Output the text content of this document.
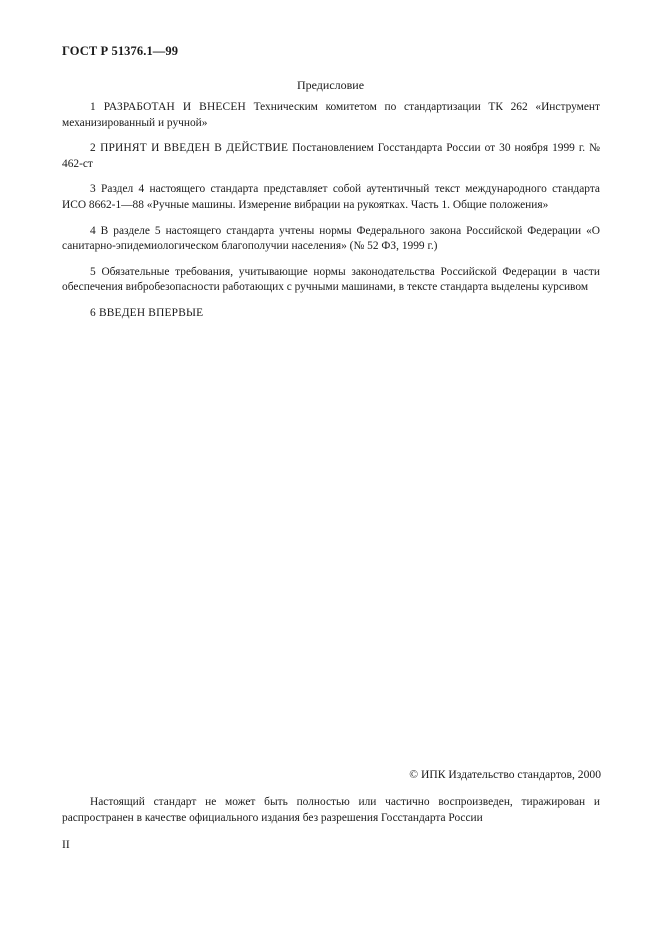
ГОСТ Р 51376.1—99
Предисловие

1 РАЗРАБОТАН И ВНЕСЕН Техническим комитетом по стандартизации ТК 262 «Инструмент механизированный и ручной»

2 ПРИНЯТ И ВВЕДЕН В ДЕЙСТВИЕ Постановлением Госстандарта России от 30 ноября 1999 г. № 462-ст

3 Раздел 4 настоящего стандарта представляет собой аутентичный текст международного стандарта ИСО 8662-1—88 «Ручные машины. Измерение вибрации на рукоятках. Часть 1. Общие положения»

4 В разделе 5 настоящего стандарта учтены нормы Федерального закона Российской Федерации «О санитарно-эпидемиологическом благополучии населения» (№ 52 ФЗ, 1999 г.)

5 Обязательные требования, учитывающие нормы законодательства Российской Федерации в части обеспечения вибробезопасности работающих с ручными машинами, в тексте стандарта выделены курсивом

6 ВВЕДЕН ВПЕРВЫЕ

© ИПК Издательство стандартов, 2000
Настоящий стандарт не может быть полностью или частично воспроизведен, тиражирован и распространен в качестве официального издания без разрешения Госстандарта России
II
